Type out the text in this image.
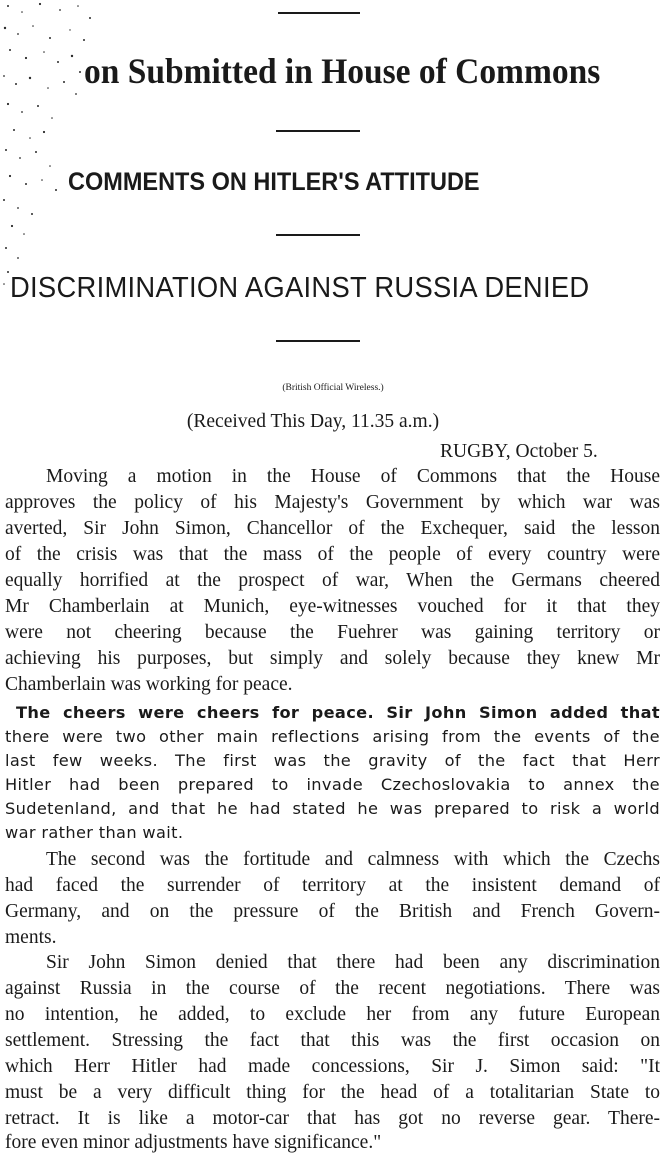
on Submitted in House of Commons
COMMENTS ON HITLER'S ATTITUDE
DISCRIMINATION AGAINST RUSSIA DENIED
(British Official Wireless.)
(Received This Day, 11.35 a.m.)
RUGBY, October 5.
Moving a motion in the House of Commons that the House
approves the policy of his Majesty's Government by which war was
averted, Sir John Simon, Chancellor of the Exchequer, said the lesson
of the crisis was that the mass of the people of every country were
equally horrified at the prospect of war, When the Germans cheered
Mr Chamberlain at Munich, eye-witnesses vouched for it that they
were not cheering because the Fuehrer was gaining territory or
achieving his purposes, but simply and solely because they knew Mr
Chamberlain was working for peace.
The cheers were cheers for peace. Sir John Simon added that
there were two other main reflections arising from the events of the
last few weeks. The first was the gravity of the fact that Herr
Hitler had been prepared to invade Czechoslovakia to annex the
Sudetenland, and that he had stated he was prepared to risk a world
war rather than wait.
The second was the fortitude and calmness with which the Czechs
had faced the surrender of territory at the insistent demand of
Germany, and on the pressure of the British and French Govern-
ments.
Sir John Simon denied that there had been any discrimination
against Russia in the course of the recent negotiations. There was
no intention, he added, to exclude her from any future European
settlement. Stressing the fact that this was the first occasion on
which Herr Hitler had made concessions, Sir J. Simon said: "It
must be a very difficult thing for the head of a totalitarian State to
retract. It is like a motor-car that has got no reverse gear. There-
fore even minor adjustments have significance."
